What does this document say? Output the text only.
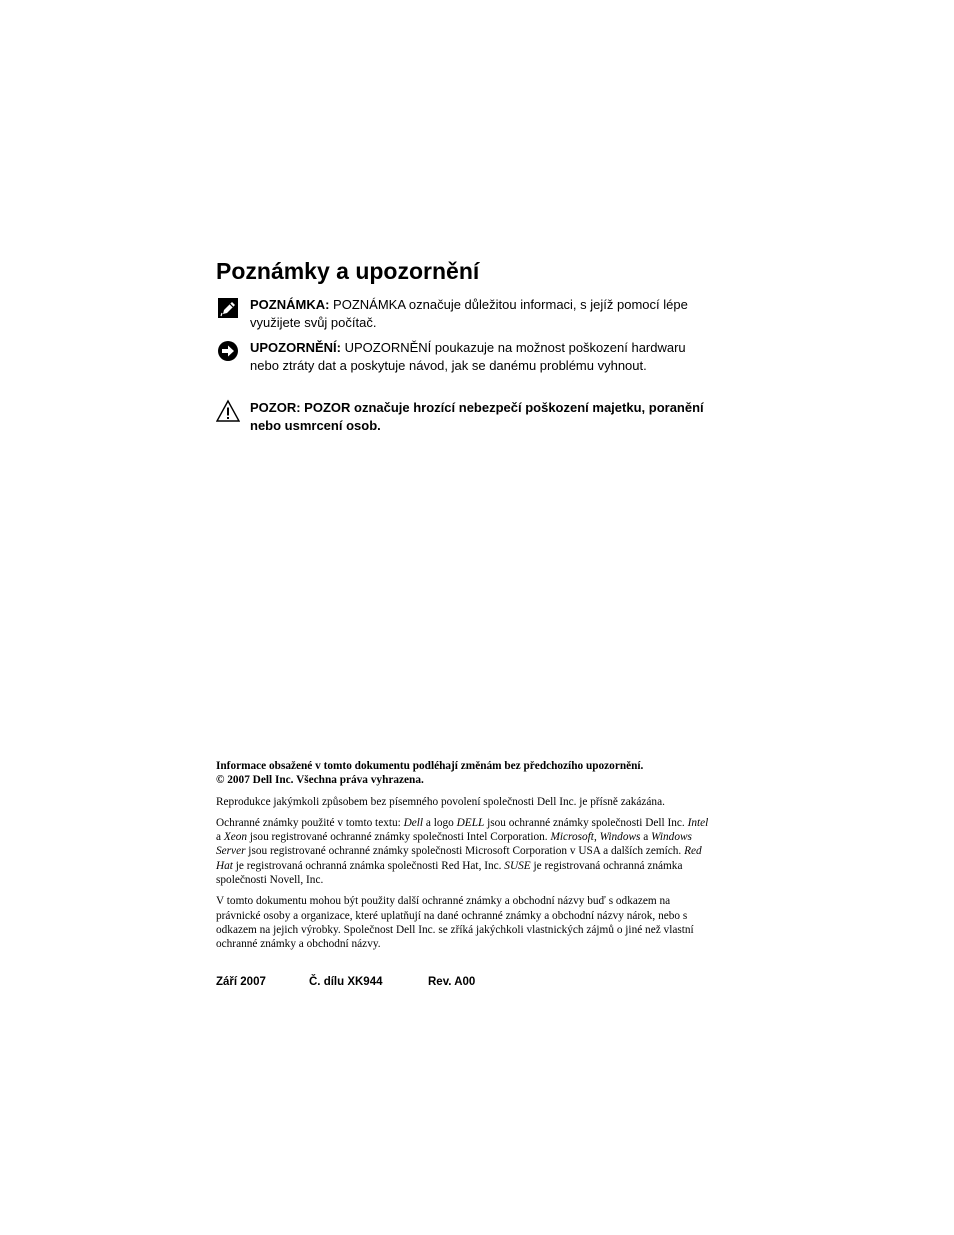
Poznámky a upozornění
POZNÁMKA: POZNÁMKA označuje důležitou informaci, s jejíž pomocí lépe využijete svůj počítač.
UPOZORNĚNÍ: UPOZORNĚNÍ poukazuje na možnost poškození hardwaru nebo ztráty dat a poskytuje návod, jak se danému problému vyhnout.
POZOR: POZOR označuje hrozící nebezpečí poškození majetku, poranění nebo usmrcení osob.

Informace obsažené v tomto dokumentu podléhají změnám bez předchozího upozornění.
© 2007 Dell Inc. Všechna práva vyhrazena.

Reprodukce jakýmkoli způsobem bez písemného povolení společnosti Dell Inc. je přísně zakázána.

Ochranné známky použité v tomto textu: Dell a logo DELL jsou ochranné známky společnosti Dell Inc. Intel a Xeon jsou registrované ochranné známky společnosti Intel Corporation. Microsoft, Windows a Windows Server jsou registrované ochranné známky společnosti Microsoft Corporation v USA a dalších zemích. Red Hat je registrovaná ochranná známka společnosti Red Hat, Inc. SUSE je registrovaná ochranná známka společnosti Novell, Inc.

V tomto dokumentu mohou být použity další ochranné známky a obchodní názvy buď s odkazem na právnické osoby a organizace, které uplatňují na dané ochranné známky a obchodní názvy nárok, nebo s odkazem na jejich výrobky. Společnost Dell Inc. se zříká jakýchkoli vlastnických zájmů o jiné než vlastní ochranné známky a obchodní názvy.

Září 2007	Č. dílu XK944	Rev. A00
